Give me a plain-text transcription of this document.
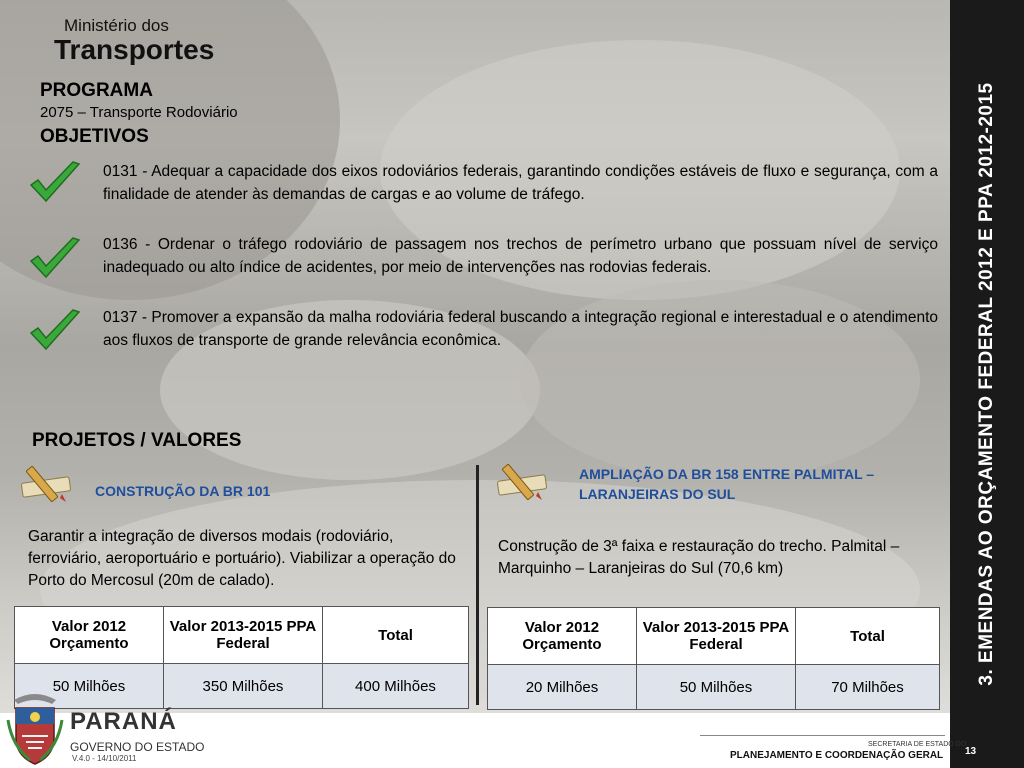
3. EMENDAS AO ORÇAMENTO FEDERAL 2012 E PPA 2012-2015
Ministério dos
Transportes
PROGRAMA
2075 – Transporte Rodoviário
OBJETIVOS
0131 - Adequar a capacidade dos eixos rodoviários federais, garantindo condições estáveis de fluxo e segurança, com a finalidade de atender às demandas de cargas e ao volume de tráfego.
0136 - Ordenar o tráfego rodoviário de passagem nos trechos de perímetro urbano que possuam nível de serviço inadequado ou alto índice de acidentes, por meio de intervenções nas rodovias federais.
0137 - Promover a expansão da malha rodoviária federal buscando a integração regional e interestadual e o atendimento aos fluxos de transporte de grande relevância econômica.
PROJETOS / VALORES
CONSTRUÇÃO DA BR 101
Garantir a integração de diversos modais (rodoviário, ferroviário, aeroportuário e portuário). Viabilizar a operação do Porto do Mercosul (20m de calado).
Valor 2012 Orçamento	Valor 2013-2015 PPA Federal	Total
50 Milhões	350 Milhões	400 Milhões
AMPLIAÇÃO DA BR 158 ENTRE PALMITAL – LARANJEIRAS DO SUL
Construção de 3ª faixa e restauração do trecho. Palmital – Marquinho – Laranjeiras do Sul (70,6 km)
Valor 2012 Orçamento	Valor 2013-2015 PPA Federal	Total
20 Milhões	50 Milhões	70 Milhões
PARANÁ
GOVERNO DO ESTADO
V.4.0 - 14/10/2011
SECRETARIA DE ESTADO DO
PLANEJAMENTO E COORDENAÇÃO GERAL 13
